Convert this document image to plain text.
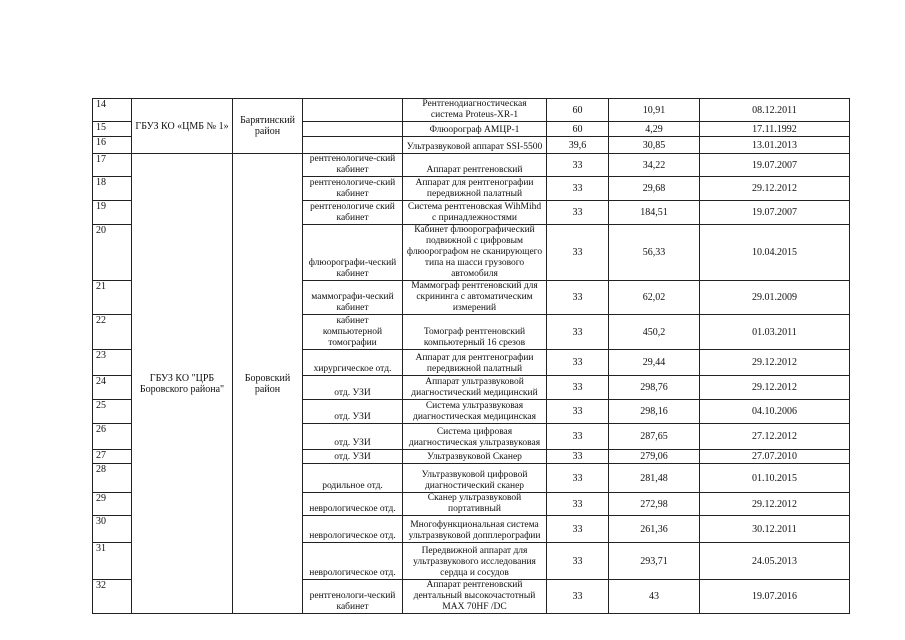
14	ГБУЗ КО «ЦМБ № 1»	Барятинский район		Рентгенодиагностическая система Proteus-XR-1	60	10,91	08.12.2011
15				Флюорограф АМЦР-1	60	4,29	17.11.1992
16				Ультразвуковой аппарат SSI-5500	39,6	30,85	13.01.2013
17	ГБУЗ КО "ЦРБ Боровского района"	Боровский район	рентгенологиче-ский кабинет	Аппарат рентгеновский	33	34,22	19.07.2007
18			рентгенологиче-ский кабинет	Аппарат для рентгенографии передвижной палатный	33	29,68	29.12.2012
19			рентгенологиче ский кабинет	Система рентгеновская WihMihd с принадлежностями	33	184,51	19.07.2007
20			флюорографи-ческий кабинет	Кабинет флюорографический подвижной с цифровым флюорографом не сканирующего типа на шасси грузового автомобиля	33	56,33	10.04.2015
21			маммографи-ческий кабинет	Маммограф рентгеновский для скрининга с автоматическим измерений	33	62,02	29.01.2009
22			кабинет компьютерной томографии	Томограф рентгеновский компьютерный 16 срезов	33	450,2	01.03.2011
23			хирургическое отд.	Аппарат для рентгенографии передвижной палатный	33	29,44	29.12.2012
24			отд. УЗИ	Аппарат ультразвуковой диагностический медицинский	33	298,76	29.12.2012
25			отд. УЗИ	Система ультразвуковая диагностическая медицинская	33	298,16	04.10.2006
26			отд. УЗИ	Система цифровая диагностическая ультразвуковая	33	287,65	27.12.2012
27			отд. УЗИ	Ультразвуковой Сканер	33	279,06	27.07.2010
28			родильное отд.	Ультразвуковой цифровой диагностический сканер	33	281,48	01.10.2015
29			неврологическое отд.	Сканер ультразвуковой портативный	33	272,98	29.12.2012
30			неврологическое отд.	Многофункциональная система ультразвуковой допплерографии	33	261,36	30.12.2011
31			неврологическое отд.	Передвижной аппарат для ультразвукового исследования сердца и сосудов	33	293,71	24.05.2013
32			рентгенологи-ческий кабинет	Аппарат рентгеновский дентальный высокочастотный MAX 70HF /DC	33	43	19.07.2016
